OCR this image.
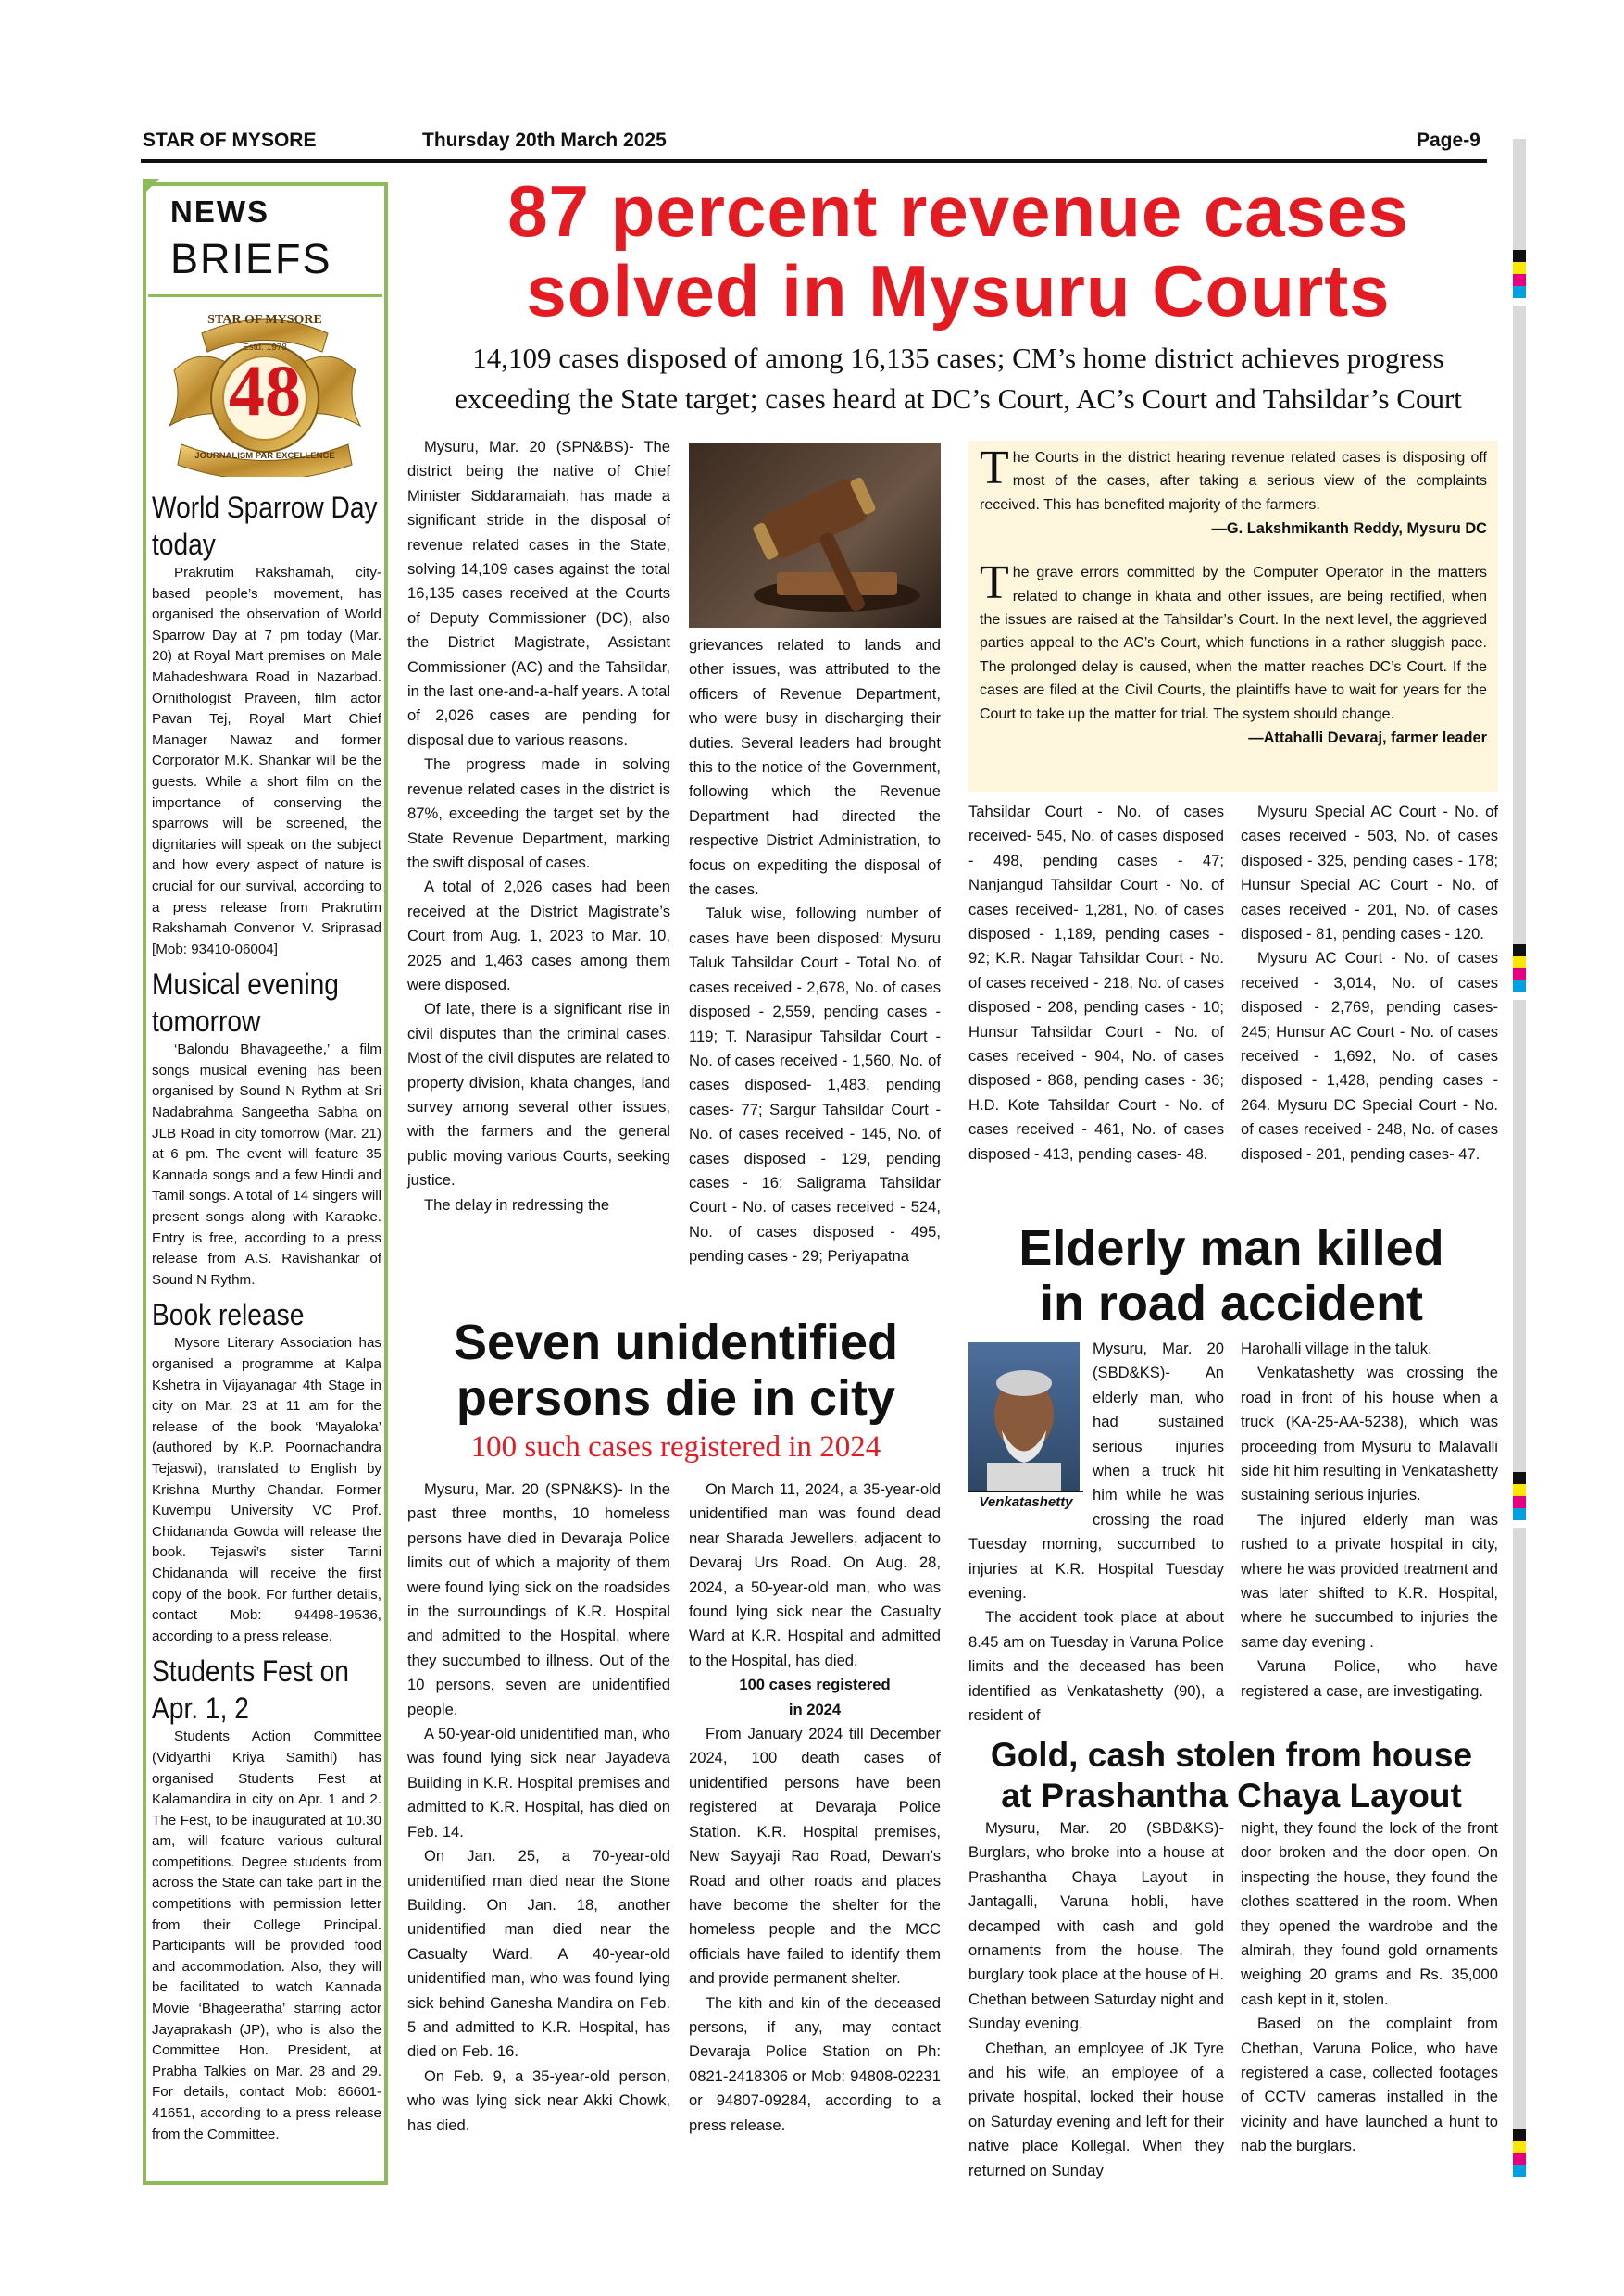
STAR OF MYSORE	Thursday 20th March 2025	Page-9
NEWS
BRIEFS
STAR OF MYSORE
Estd. 1978
48
JOURNALISM PAR EXCELLENCE
World Sparrow Day today

Prakrutim Rakshamah, city-based people’s movement, has organised the observation of World Sparrow Day at 7 pm today (Mar. 20) at Royal Mart premises on Male Mahadeshwara Road in Nazarbad. Ornithologist Praveen, film actor Pavan Tej, Royal Mart Chief Manager Nawaz and former Corporator M.K. Shankar will be the guests. While a short film on the importance of conserving the sparrows will be screened, the dignitaries will speak on the subject and how every aspect of nature is crucial for our survival, according to a press release from Prakrutim Rakshamah Convenor V. Sriprasad [Mob: 93410-06004]

Musical evening tomorrow

‘Balondu Bhavageethe,’ a film songs musical evening has been organised by Sound N Rythm at Sri Nadabrahma Sangeetha Sabha on JLB Road in city tomorrow (Mar. 21) at 6 pm. The event will feature 35 Kannada songs and a few Hindi and Tamil songs. A total of 14 singers will present songs along with Karaoke. Entry is free, according to a press release from A.S. Ravishankar of Sound N Rythm.

Book release

Mysore Literary Association has organised a programme at Kalpa Kshetra in Vijayanagar 4th Stage in city on Mar. 23 at 11 am for the release of the book ‘Mayaloka’ (authored by K.P. Poornachandra Tejaswi), translated to English by Krishna Murthy Chandar. Former Kuvempu University VC Prof. Chidananda Gowda will release the book. Tejaswi’s sister Tarini Chidananda will receive the first copy of the book. For further details, contact Mob: 94498-19536, according to a press release.

Students Fest on Apr. 1, 2

Students Action Committee (Vidyarthi Kriya Samithi) has organised Students Fest at Kalamandira in city on Apr. 1 and 2. The Fest, to be inaugurated at 10.30 am, will feature various cultural competitions. Degree students from across the State can take part in the competitions with permission letter from their College Principal. Participants will be provided food and accommodation. Also, they will be facilitated to watch Kannada Movie ‘Bhageeratha’ starring actor Jayaprakash (JP), who is also the Committee Hon. President, at Prabha Talkies on Mar. 28 and 29. For details, contact Mob: 86601-41651, according to a press release from the Committee.

87 percent revenue cases
solved in Mysuru Courts
14,109 cases disposed of among 16,135 cases; CM’s home district achieves progress
exceeding the State target; cases heard at DC’s Court, AC’s Court and Tahsildar’s Court

Mysuru, Mar. 20 (SPN&BS)- The district being the native of Chief Minister Siddaramaiah, has made a significant stride in the disposal of revenue related cases in the State, solving 14,109 cases against the total 16,135 cases received at the Courts of Deputy Commissioner (DC), also the District Magistrate, Assistant Commissioner (AC) and the Tahsildar, in the last one-and-a-half years. A total of 2,026 cases are pending for disposal due to various reasons.

The progress made in solving revenue related cases in the district is 87%, exceeding the target set by the State Revenue Department, marking the swift disposal of cases.

A total of 2,026 cases had been received at the District Magistrate’s Court from Aug. 1, 2023 to Mar. 10, 2025 and 1,463 cases among them were disposed.

Of late, there is a significant rise in civil disputes than the criminal cases. Most of the civil disputes are related to property division, khata changes, land survey among several other issues, with the farmers and the general public moving various Courts, seeking justice.

The delay in redressing the

grievances related to lands and other issues, was attributed to the officers of Revenue Department, who were busy in discharging their duties. Several leaders had brought this to the notice of the Government, following which the Revenue Department had directed the respective District Administration, to focus on expediting the disposal of the cases.

Taluk wise, following number of cases have been disposed: Mysuru Taluk Tahsildar Court - Total No. of cases received - 2,678, No. of cases disposed - 2,559, pending cases - 119; T. Narasipur Tahsildar Court - No. of cases received - 1,560, No. of cases disposed- 1,483, pending cases- 77; Sargur Tahsildar Court - No. of cases received - 145, No. of cases disposed - 129, pending cases - 16; Saligrama Tahsildar Court - No. of cases received - 524, No. of cases disposed - 495, pending cases - 29; Periyapatna

The Courts in the district hearing revenue related cases is disposing off most of the cases, after taking a serious view of the complaints received. This has benefited majority of the farmers.

—G. Lakshmikanth Reddy, Mysuru DC

The grave errors committed by the Computer Operator in the matters related to change in khata and other issues, are being rectified, when the issues are raised at the Tahsildar’s Court. In the next level, the aggrieved parties appeal to the AC’s Court, which functions in a rather sluggish pace. The prolonged delay is caused, when the matter reaches DC’s Court. If the cases are filed at the Civil Courts, the plaintiffs have to wait for years for the Court to take up the matter for trial. The system should change.

—Attahalli Devaraj, farmer leader

Tahsildar Court - No. of cases received- 545, No. of cases disposed - 498, pending cases - 47; Nanjangud Tahsildar Court - No. of cases received- 1,281, No. of cases disposed - 1,189, pending cases - 92; K.R. Nagar Tahsildar Court - No. of cases received - 218, No. of cases disposed - 208, pending cases - 10; Hunsur Tahsildar Court - No. of cases received - 904, No. of cases disposed - 868, pending cases - 36; H.D. Kote Tahsildar Court - No. of cases received - 461, No. of cases disposed - 413, pending cases- 48.

Mysuru Special AC Court - No. of cases received - 503, No. of cases disposed - 325, pending cases - 178; Hunsur Special AC Court - No. of cases received - 201, No. of cases disposed - 81, pending cases - 120.

Mysuru AC Court - No. of cases received - 3,014, No. of cases disposed - 2,769, pending cases- 245; Hunsur AC Court - No. of cases received - 1,692, No. of cases disposed - 1,428, pending cases - 264. Mysuru DC Special Court - No. of cases received - 248, No. of cases disposed - 201, pending cases- 47.

Seven unidentified
persons die in city
100 such cases registered in 2024

Mysuru, Mar. 20 (SPN&KS)- In the past three months, 10 homeless persons have died in Devaraja Police limits out of which a majority of them were found lying sick on the roadsides in the surroundings of K.R. Hospital and admitted to the Hospital, where they succumbed to illness. Out of the 10 persons, seven are unidentified people.

A 50-year-old unidentified man, who was found lying sick near Jayadeva Building in K.R. Hospital premises and admitted to K.R. Hospital, has died on Feb. 14.

On Jan. 25, a 70-year-old unidentified man died near the Stone Building. On Jan. 18, another unidentified man died near the Casualty Ward. A 40-year-old unidentified man, who was found lying sick behind Ganesha Mandira on Feb. 5 and admitted to K.R. Hospital, has died on Feb. 16.

On Feb. 9, a 35-year-old person, who was lying sick near Akki Chowk, has died.

On March 11, 2024, a 35-year-old unidentified man was found dead near Sharada Jewellers, adjacent to Devaraj Urs Road. On Aug. 28, 2024, a 50-year-old man, who was found lying sick near the Casualty Ward at K.R. Hospital and admitted to the Hospital, has died.

100 cases registered
in 2024

From January 2024 till December 2024, 100 death cases of unidentified persons have been registered at Devaraja Police Station. K.R. Hospital premises, New Sayyaji Rao Road, Dewan’s Road and other roads and places have become the shelter for the homeless people and the MCC officials have failed to identify them and provide permanent shelter.

The kith and kin of the deceased persons, if any, may contact Devaraja Police Station on Ph: 0821-2418306 or Mob: 94808-02231 or 94807-09284, according to a press release.

Elderly man killed
in road accident
Venkatashetty

Mysuru, Mar. 20 (SBD&KS)- An elderly man, who had sustained serious injuries when a truck hit him while he was crossing the road Tuesday morning, succumbed to injuries at K.R. Hospital Tuesday evening.

The accident took place at about 8.45 am on Tuesday in Varuna Police limits and the deceased has been identified as Venkatashetty (90), a resident of

Harohalli village in the taluk.

Venkatashetty was crossing the road in front of his house when a truck (KA-25-AA-5238), which was proceeding from Mysuru to Malavalli side hit him resulting in Venkatashetty sustaining serious injuries.

The injured elderly man was rushed to a private hospital in city, where he was provided treatment and was later shifted to K.R. Hospital, where he succumbed to injuries the same day evening .

Varuna Police, who have registered a case, are investigating.

Gold, cash stolen from house
at Prashantha Chaya Layout

Mysuru, Mar. 20 (SBD&KS)- Burglars, who broke into a house at Prashantha Chaya Layout in Jantagalli, Varuna hobli, have decamped with cash and gold ornaments from the house. The burglary took place at the house of H. Chethan between Saturday night and Sunday evening.

Chethan, an employee of JK Tyre and his wife, an employee of a private hospital, locked their house on Saturday evening and left for their native place Kollegal. When they returned on Sunday

night, they found the lock of the front door broken and the door open. On inspecting the house, they found the clothes scattered in the room. When they opened the wardrobe and the almirah, they found gold ornaments weighing 20 grams and Rs. 35,000 cash kept in it, stolen.

Based on the complaint from Chethan, Varuna Police, who have registered a case, collected footages of CCTV cameras installed in the vicinity and have launched a hunt to nab the burglars.
